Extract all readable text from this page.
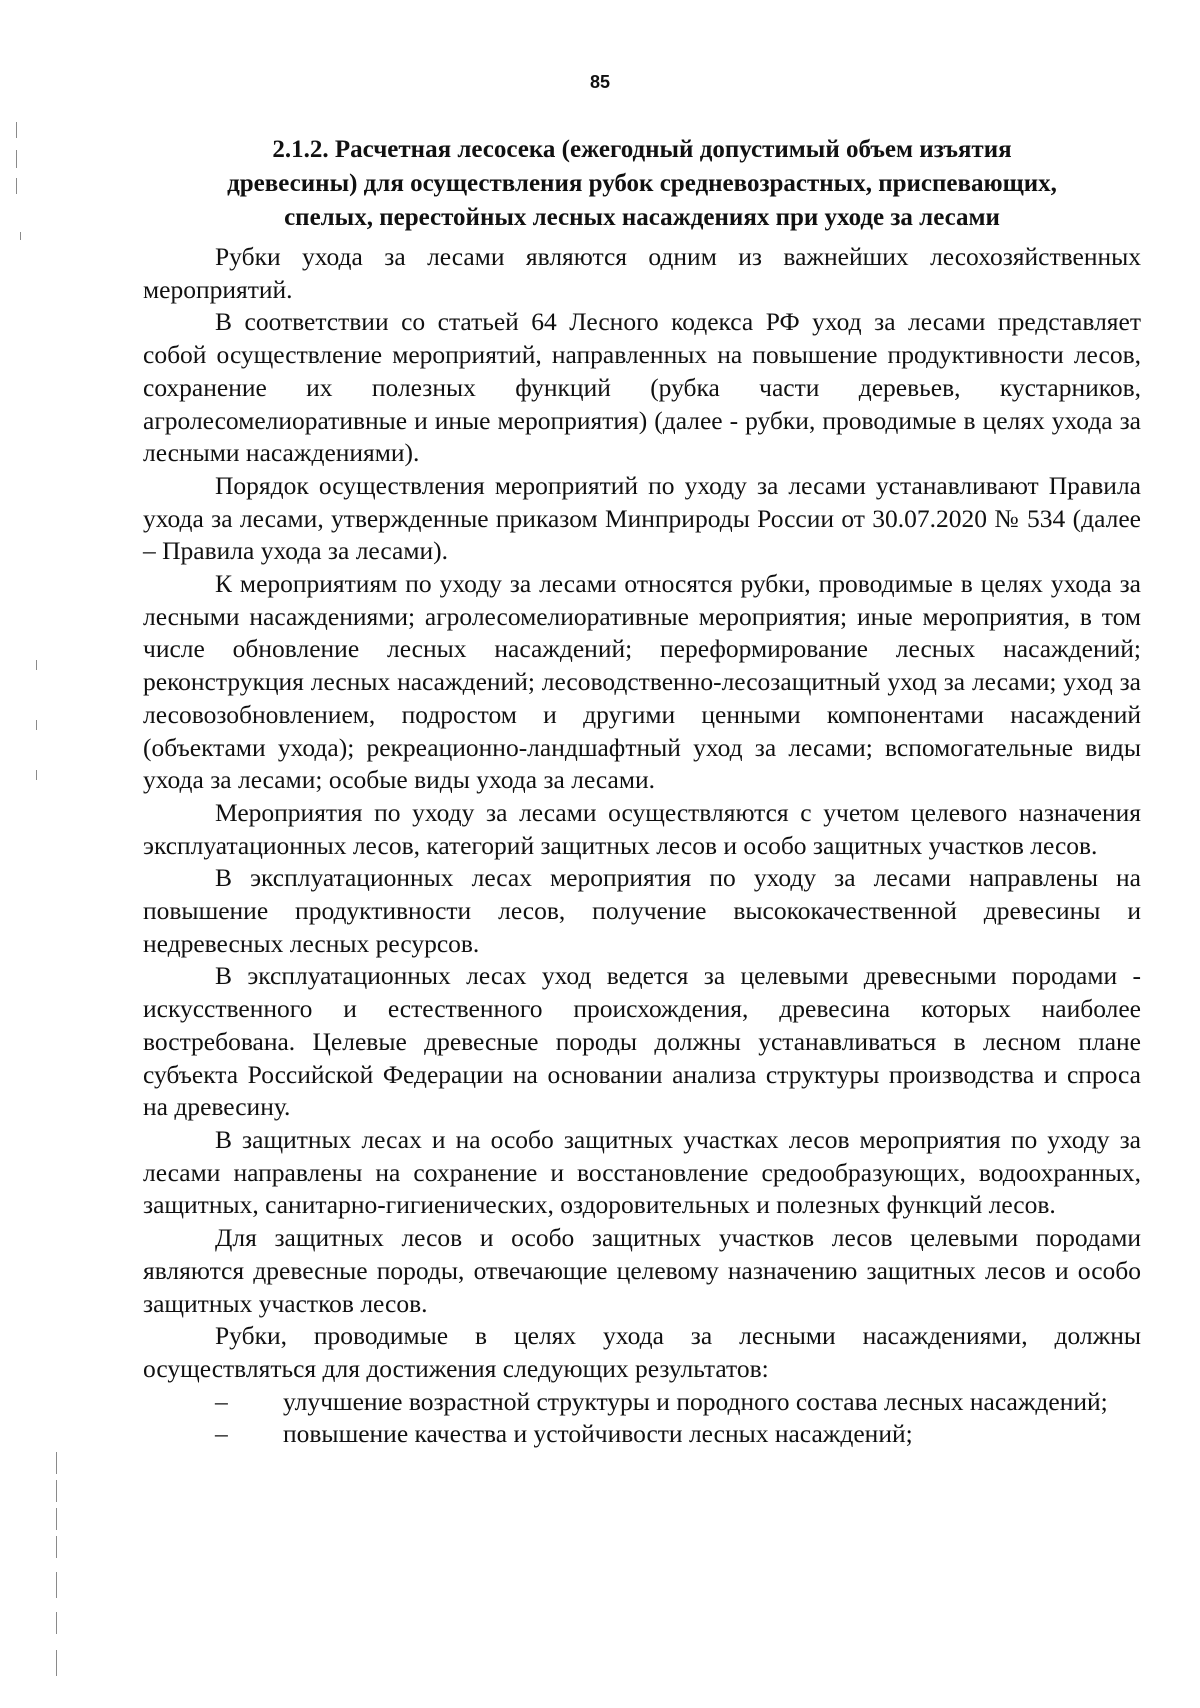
85
2.1.2. Расчетная лесосека (ежегодный допустимый объем изъятия
древесины) для осуществления рубок средневозрастных, приспевающих,
спелых, перестойных лесных насаждениях при уходе за лесами

Рубки ухода за лесами являются одним из важнейших лесохозяйственных мероприятий.

В соответствии со статьей 64 Лесного кодекса РФ уход за лесами представляет собой осуществление мероприятий, направленных на повышение продуктивности лесов, сохранение их полезных функций (рубка части деревьев, кустарников, агролесомелиоративные и иные мероприятия) (далее - рубки, проводимые в целях ухода за лесными насаждениями).

Порядок осуществления мероприятий по уходу за лесами устанавливают Правила ухода за лесами, утвержденные приказом Минприроды России от 30.07.2020 № 534 (далее – Правила ухода за лесами).

К мероприятиям по уходу за лесами относятся рубки, проводимые в целях ухода за лесными насаждениями; агролесомелиоративные мероприятия; иные мероприятия, в том числе обновление лесных насаждений; переформирование лесных насаждений; реконструкция лесных насаждений; лесоводственно-лесозащитный уход за лесами; уход за лесовозобновлением, подростом и другими ценными компонентами насаждений (объектами ухода); рекреационно-ландшафтный уход за лесами; вспомогательные виды ухода за лесами; особые виды ухода за лесами.

Мероприятия по уходу за лесами осуществляются с учетом целевого назначения эксплуатационных лесов, категорий защитных лесов и особо защитных участков лесов.

В эксплуатационных лесах мероприятия по уходу за лесами направлены на повышение продуктивности лесов, получение высококачественной древесины и недревесных лесных ресурсов.

В эксплуатационных лесах уход ведется за целевыми древесными породами - искусственного и естественного происхождения, древесина которых наиболее востребована. Целевые древесные породы должны устанавливаться в лесном плане субъекта Российской Федерации на основании анализа структуры производства и спроса на древесину.

В защитных лесах и на особо защитных участках лесов мероприятия по уходу за лесами направлены на сохранение и восстановление средообразующих, водоохранных, защитных, санитарно-гигиенических, оздоровительных и полезных функций лесов.

Для защитных лесов и особо защитных участков лесов целевыми породами являются древесные породы, отвечающие целевому назначению защитных лесов и особо защитных участков лесов.

Рубки, проводимые в целях ухода за лесными насаждениями, должны осуществляться для достижения следующих результатов:

– улучшение возрастной структуры и породного состава лесных насаждений;
– повышение качества и устойчивости лесных насаждений;
